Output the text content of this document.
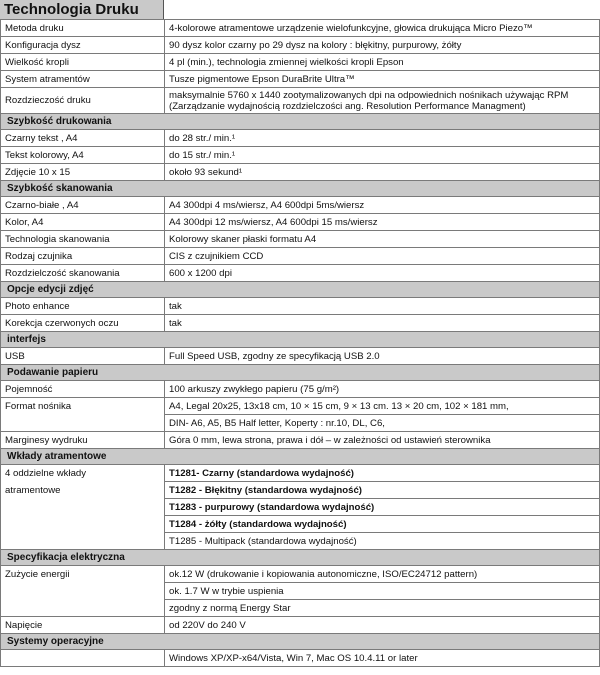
Technologia Druku
Metoda druku	4-kolorowe atramentowe urządzenie wielofunkcyjne, głowica drukująca Micro Piezo™
Konfiguracja dysz	90 dysz kolor czarny po 29 dysz na kolory : błękitny, purpurowy, żółty
Wielkość kropli	4 pl (min.), technologia zmiennej wielkości kropli Epson
System atramentów	Tusze pigmentowe Epson DuraBrite Ultra™
Rozdzieczość druku	maksymalnie 5760 x 1440 zootymalizowanych dpi na odpowiednich nośnikach używając RPM
(Zarządzanie wydajnością rozdzielczości ang. Resolution Performance Managment)

Szybkość drukowania	
Czarny tekst , A4	do 28 str./ min.¹
Tekst kolorowy, A4	do 15 str./ min.¹
Zdjęcie 10 x 15	około 93 sekund¹
Szybkość skanowania	
Czarno-białe , A4	A4 300dpi 4 ms/wiersz, A4 600dpi 5ms/wiersz
Kolor, A4	A4 300dpi 12 ms/wiersz, A4 600dpi 15 ms/wiersz
Technologia skanowania	Kolorowy skaner płaski formatu A4
Rodzaj czujnika	CIS z czujnikiem CCD
Rozdzielczość skanowania	600 x 1200 dpi
Opcje edycji zdjęć	
Photo enhance	tak
Korekcja czerwonych oczu	tak
interfejs	
USB	Full Speed USB, zgodny ze specyfikacją USB 2.0
Podawanie papieru	
Pojemność	100 arkuszy zwykłego papieru (75 g/m²)
Format nośnika	A4, Legal 20x25, 13x18 cm, 10 × 15 cm, 9 × 13 cm. 13 × 20 cm, 102 × 181 mm,
	DIN- A6, A5, B5 Half letter, Koperty : nr.10, DL, C6,
Marginesy wydruku	Góra 0 mm, lewa strona, prawa i dół – w zależności od ustawień sterownika
Wkłady atramentowe	
4 oddzielne wkłady	T1281- Czarny (standardowa wydajność)
atramentowe	T1282 - Błękitny (standardowa wydajność)
	T1283 - purpurowy (standardowa wydajność)
	T1284 - żółty (standardowa wydajność)
	T1285 - Multipack (standardowa wydajność)
Specyfikacja elektryczna	
Zużycie energii	ok.12 W (drukowanie i kopiowania autonomiczne, ISO/EC24712 pattern)
	ok. 1.7 W w trybie uspienia
	zgodny z normą Energy Star
Napięcie	od 220V do 240 V
Systemy operacyjne	
	Windows XP/XP-x64/Vista, Win 7, Mac OS 10.4.11 or later
